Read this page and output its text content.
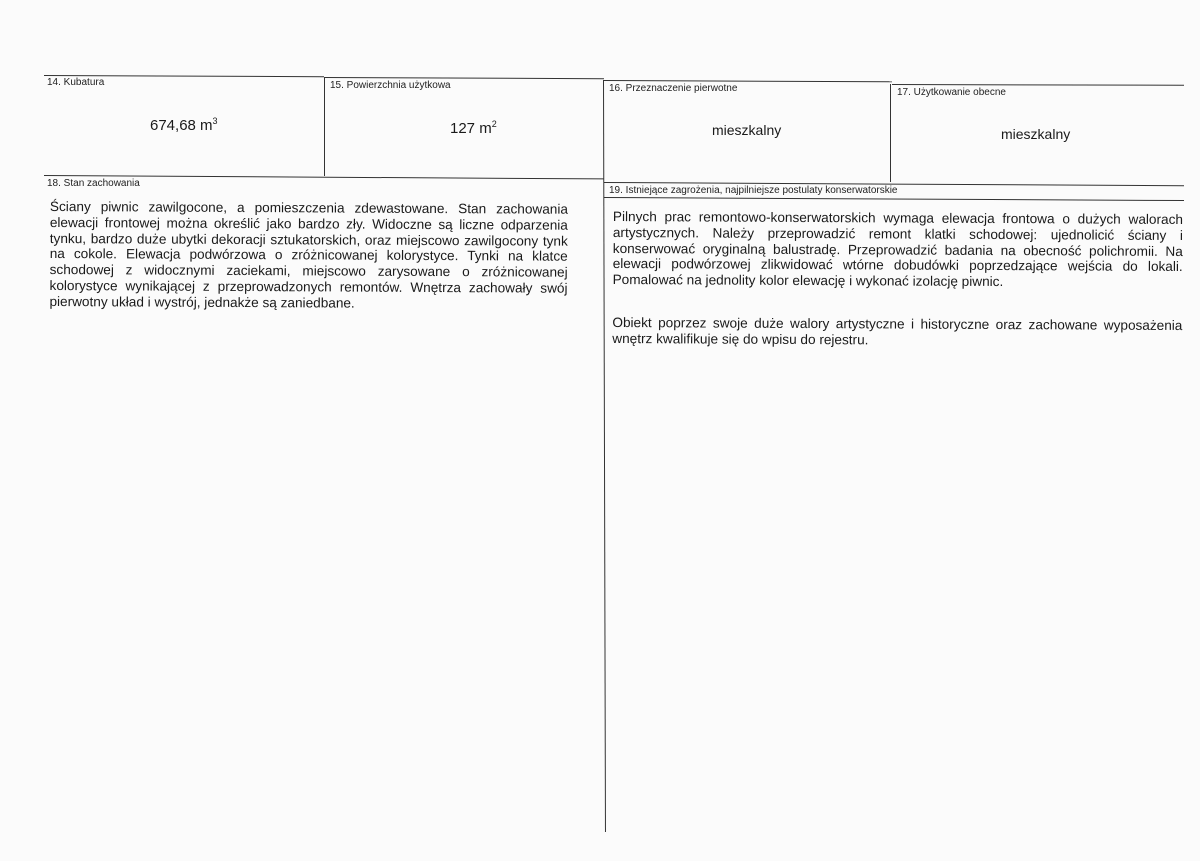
14. Kubatura
674,68 $m^3$
15. Powierzchnia użytkowa
127 $m^2$
16. Przeznaczenie pierwotne
mieszkalny
17. Użytkowanie obecne
mieszkalny
18. Stan zachowania

Ściany piwnic zawilgocone, a pomieszczenia zdewastowane. Stan zachowania elewacji frontowej można określić jako bardzo zły. Widoczne są liczne odparzenia tynku, bardzo duże ubytki dekoracji sztukatorskich, oraz miejscowo zawilgocony tynk na cokole. Elewacja podwórzowa o zróżnicowanej kolorystyce. Tynki na klatce schodowej z widocznymi zaciekami, miejscowo zarysowane o zróżnicowanej kolorystyce wynikającej z przeprowadzonych remontów. Wnętrza zachowały swój pierwotny układ i wystrój, jednakże są zaniedbane.

19. Istniejące zagrożenia, najpilniejsze postulaty konserwatorskie

Pilnych prac remontowo-konserwatorskich wymaga elewacja frontowa o dużych walorach artystycznych. Należy przeprowadzić remont klatki schodowej: ujednolicić ściany i konserwować oryginalną balustradę. Przeprowadzić badania na obecność polichromii. Na elewacji podwórzowej zlikwidować wtórne dobudówki poprzedzające wejścia do lokali. Pomalować na jednolity kolor elewację i wykonać izolację piwnic.

Obiekt poprzez swoje duże walory artystyczne i historyczne oraz zachowane wyposażenia wnętrz kwalifikuje się do wpisu do rejestru.
